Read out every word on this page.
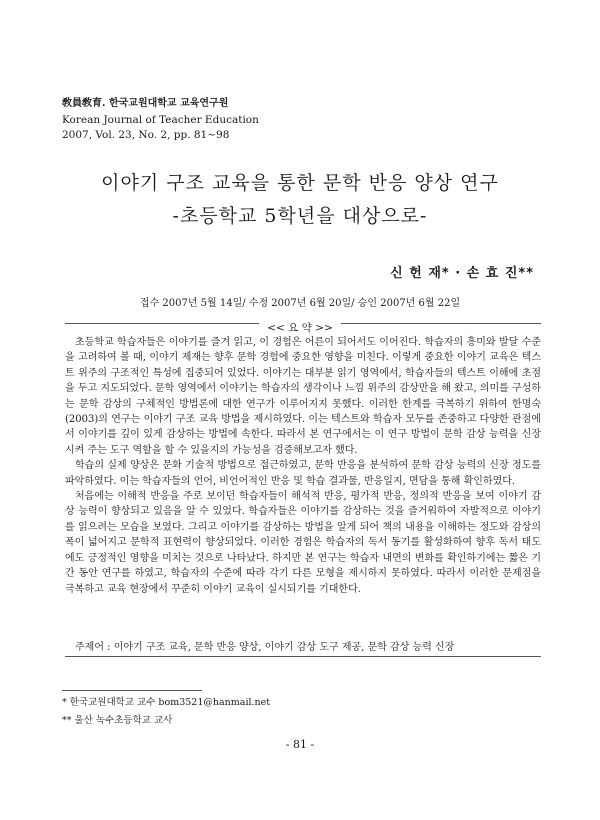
敎員敎育. 한국교원대학교 교육연구원
Korean Journal of Teacher Education
2007, Vol. 23, No. 2, pp. 81~98
이야기 구조 교육을 통한 문학 반응 양상 연구
-초등학교 5학년을 대상으로-
신 헌 재* · 손 효 진**
접수 2007년 5월 14일/ 수정 2007년 6월 20일/ 승인 2007년 6월 22일
<< 요 약 >>

초등학교 학습자들은 이야기를 즐겨 읽고, 이 경험은 어른이 되어서도 이어진다. 학습자의 흥미와 발달 수준을 고려하여 볼 때, 이야기 제재는 향후 문학 경험에 중요한 영향을 미친다. 이렇게 중요한 이야기 교육은 텍스트 위주의 구조적인 특성에 집중되어 있었다. 이야기는 대부분 읽기 영역에서, 학습자들의 텍스트 이해에 초점을 두고 지도되었다. 문학 영역에서 이야기는 학습자의 생각이나 느낌 위주의 감상만을 해 왔고, 의미를 구성하는 문학 감상의 구체적인 방법론에 대한 연구가 이루어지지 못했다. 이러한 한계를 극복하기 위하여 한명숙(2003)의 연구는 이야기 구조 교육 방법을 제시하였다. 이는 텍스트와 학습자 모두를 존중하고 다양한 관점에서 이야기를 깊이 있게 감상하는 방법에 속한다. 따라서 본 연구에서는 이 연구 방법이 문학 감상 능력을 신장시켜 주는 도구 역할을 할 수 있을지의 가능성을 검증해보고자 했다.

학습의 실제 양상은 문화 기술적 방법으로 접근하였고, 문학 반응을 분석하여 문학 감상 능력의 신장 정도를 파악하였다. 이는 학습자들의 언어, 비언어적인 반응 및 학습 결과물, 반응일지, 면담을 통해 확인하였다.

처음에는 이해적 반응을 주로 보이던 학습자들이 해석적 반응, 평가적 반응, 정의적 반응을 보여 이야기 감상 능력이 향상되고 있음을 알 수 있었다. 학습자들은 이야기를 감상하는 것을 즐거워하여 자발적으로 이야기를 읽으려는 모습을 보였다. 그리고 이야기를 감상하는 방법을 알게 되어 책의 내용을 이해하는 정도와 감상의 폭이 넓어지고 문학적 표현력이 향상되었다. 이러한 경험은 학습자의 독서 동기를 활성화하여 향후 독서 태도에도 긍정적인 영향을 미치는 것으로 나타났다. 하지만 본 연구는 학습자 내면의 변화를 확인하기에는 짧은 기간 동안 연구를 하였고, 학습자의 수준에 따라 각기 다른 모형을 제시하지 못하였다. 따라서 이러한 문제점을 극복하고 교육 현장에서 꾸준히 이야기 교육이 실시되기를 기대한다.

주제어 : 이야기 구조 교육, 문학 반응 양상, 이야기 감상 도구 제공, 문학 감상 능력 신장
* 한국교원대학교 교수 bom3521@hanmail.net
** 울산 녹수초등학교 교사
- 81 -
